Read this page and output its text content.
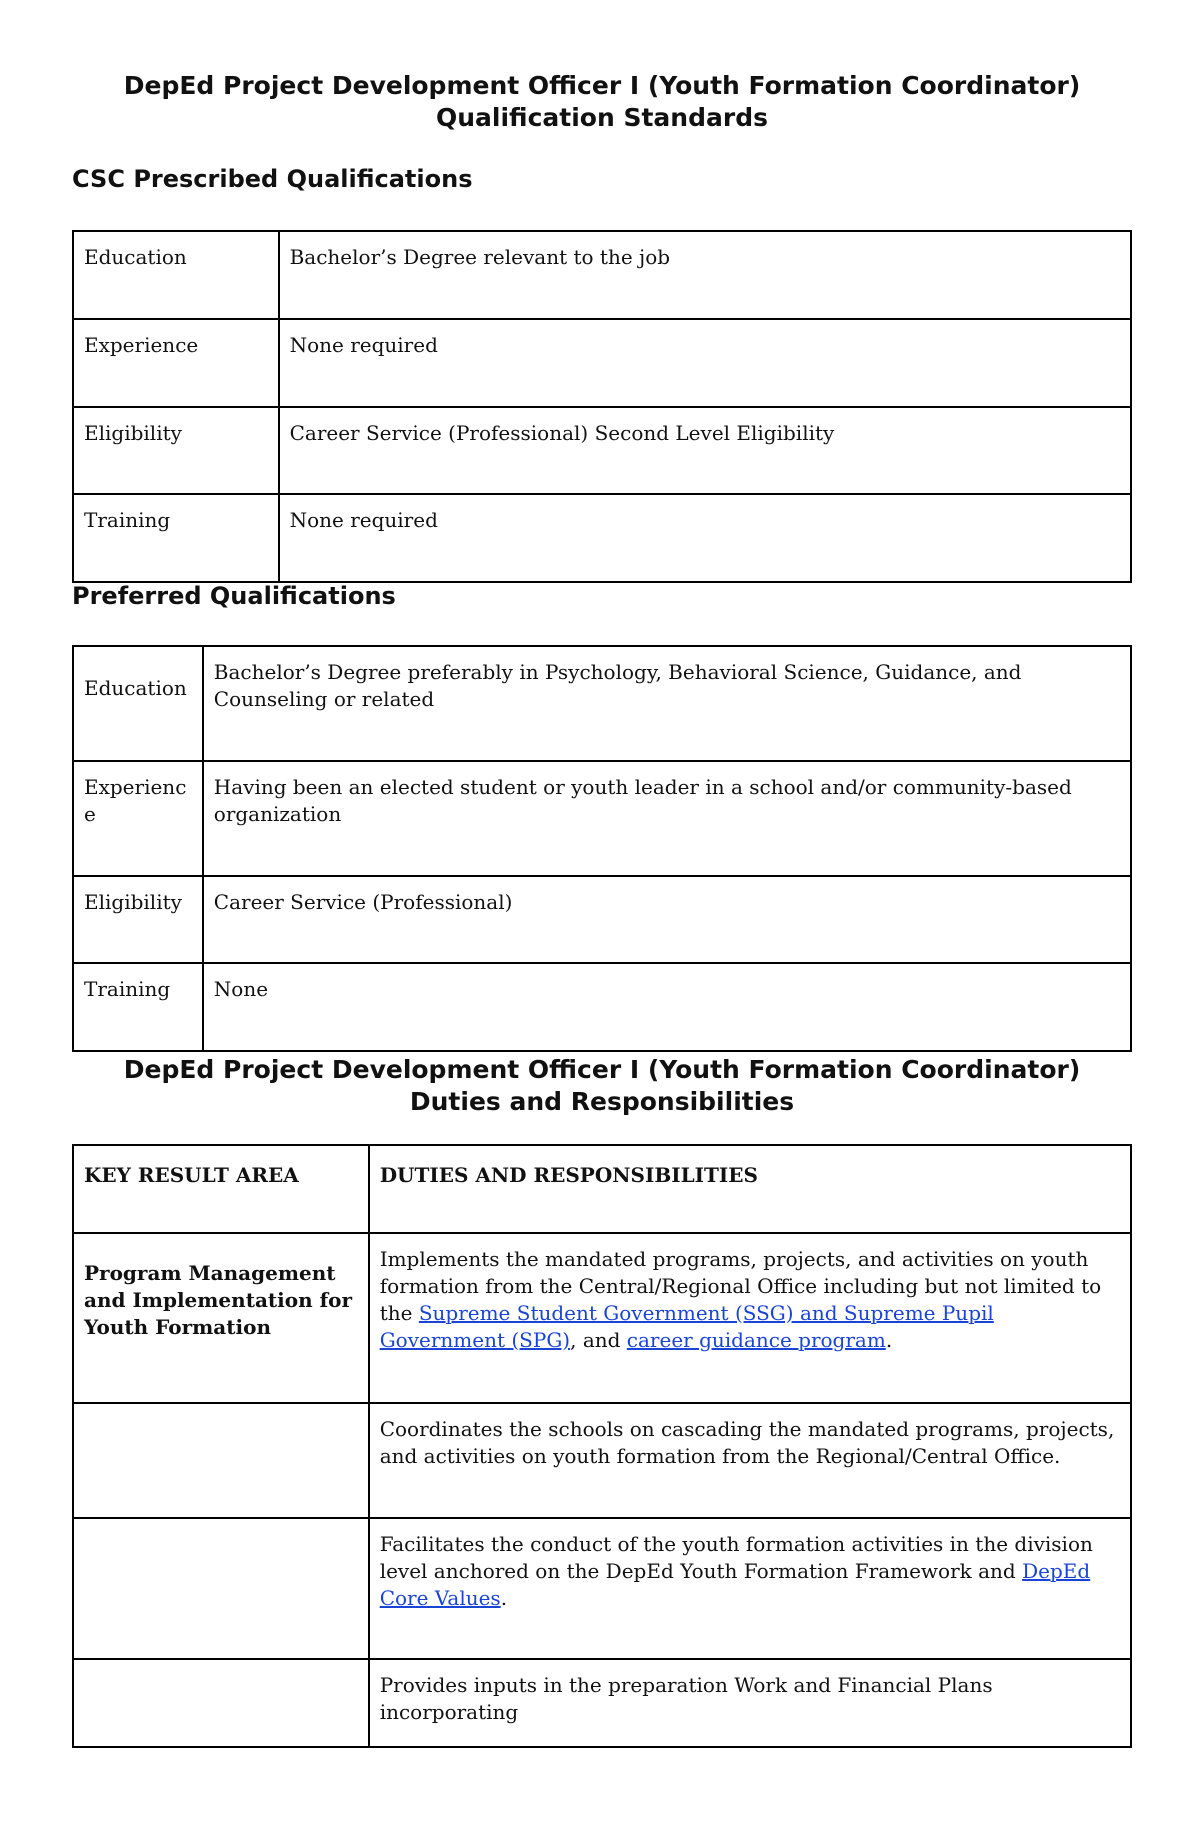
DepEd Project Development Officer I (Youth Formation Coordinator)
Qualification Standards
CSC Prescribed Qualifications
Education	Bachelor’s Degree relevant to the job
Experience	None required
Eligibility	Career Service (Professional) Second Level Eligibility
Training	None required
Preferred Qualifications
Education	Bachelor’s Degree preferably in Psychology, Behavioral Science, Guidance, and Counseling or related
Experience	Having been an elected student or youth leader in a school and/or community-based organization
Eligibility	Career Service (Professional)
Training	None
DepEd Project Development Officer I (Youth Formation Coordinator)
Duties and Responsibilities
KEY RESULT AREA	DUTIES AND RESPONSIBILITIES
Program Management and Implementation for Youth Formation	Implements the mandated programs, projects, and activities on youth formation from the Central/Regional Office including but not limited to the Supreme Student Government (SSG) and Supreme Pupil Government (SPG), and career guidance program.
	Coordinates the schools on cascading the mandated programs, projects, and activities on youth formation from the Regional/Central Office.
	Facilitates the conduct of the youth formation activities in the division level anchored on the DepEd Youth Formation Framework and DepEd Core Values.
	Provides inputs in the preparation Work and Financial Plans incorporating
